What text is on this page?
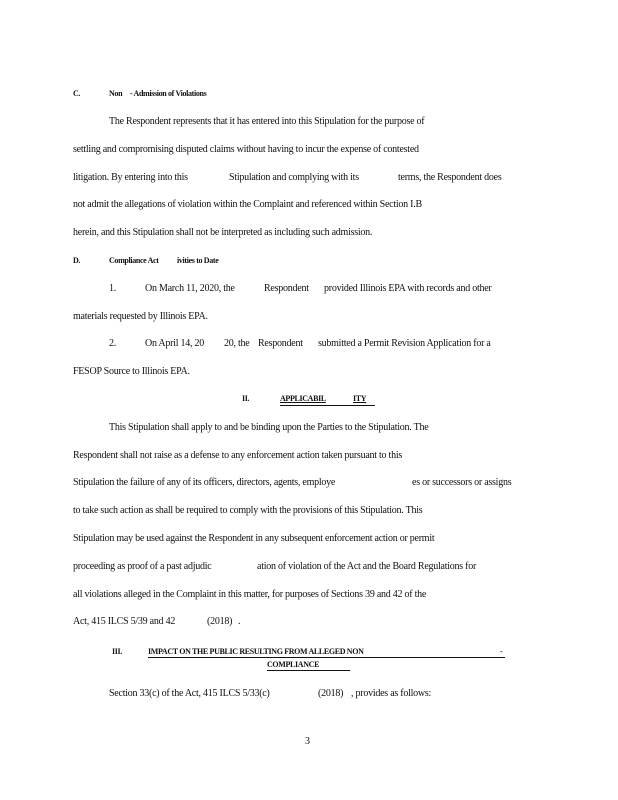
C.	Non - Admission of Violations
The Respondent represents that it has entered into this Stipulation for the purpose of
settling and compromising disputed claims without having to incur the expense of contested
litigation. By entering into this	Stipulation and complying with its	terms, the Respondent does
not admit the allegations of violation within the Complaint and referenced within Section I.B
herein, and this Stipulation shall not be interpreted as including such admission.
D.	Compliance Act ivities to Date
1.	On March 11, 2020, the	Respondent provided Illinois EPA with records and other
materials requested by Illinois EPA.
2.	On April 14, 20 20, the Respondent submitted a Permit Revision Application for a
FESOP Source to Illinois EPA.
II.	APPLICABIL	ITY
This Stipulation shall apply to and be binding upon the Parties to the Stipulation. The
Respondent shall not raise as a defense to any enforcement action taken pursuant to this
Stipulation the failure of any of its officers, directors, agents, employe	es or successors or assigns
to take such action as shall be required to comply with the provisions of this Stipulation. This
Stipulation may be used against the Respondent in any subsequent enforcement action or permit
proceeding as proof of a past adjudic	ation of violation of the Act and the Board Regulations for
all violations alleged in the Complaint in this matter, for purposes of Sections 39 and 42 of the
Act, 415 ILCS 5/39 and 42	(2018) .
III.	IMPACT ON THE PUBLIC RESULTING FROM ALLEGED NON	-
COMPLIANCE
Section 33(c) of the Act, 415 ILCS 5/33(c)	(2018) , provides as follows:
3
